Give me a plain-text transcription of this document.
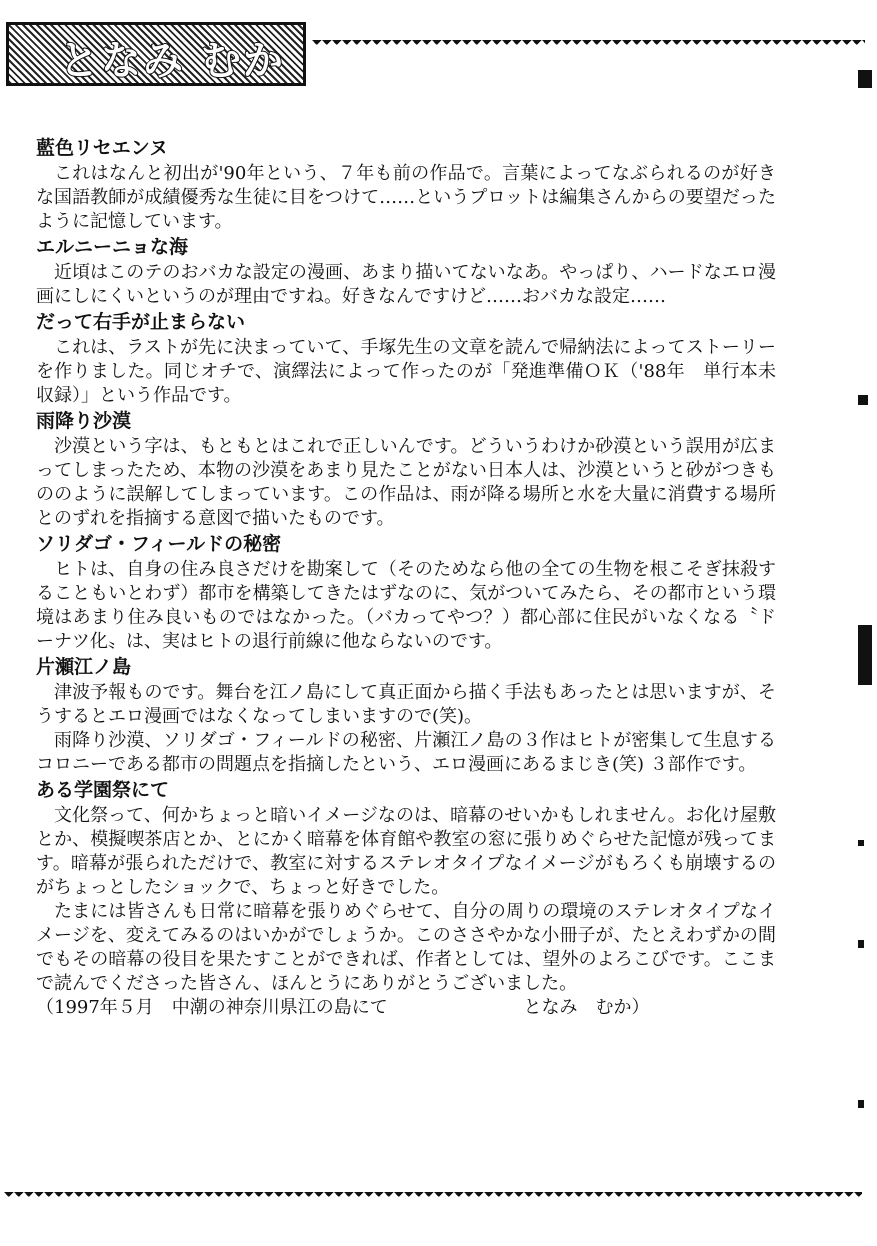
となみ むか

藍色リセエンヌ

これはなんと初出が'90年という、７年も前の作品で。言葉によってなぶられるのが好きな国語教師が成績優秀な生徒に目をつけて……というプロットは編集さんからの要望だったように記憶しています。

エルニーニョな海

近頃はこのテのおバカな設定の漫画、あまり描いてないなあ。やっぱり、ハードなエロ漫画にしにくいというのが理由ですね。好きなんですけど……おバカな設定……

だって右手が止まらない

これは、ラストが先に決まっていて、手塚先生の文章を読んで帰納法によってストーリーを作りました。同じオチで、演繹法によって作ったのが「発進準備ＯＫ（'88年　単行本未収録）」という作品です。

雨降り沙漠

沙漠という字は、もともとはこれで正しいんです。どういうわけか砂漠という誤用が広まってしまったため、本物の沙漠をあまり見たことがない日本人は、沙漠というと砂がつきもののように誤解してしまっています。この作品は、雨が降る場所と水を大量に消費する場所とのずれを指摘する意図で描いたものです。

ソリダゴ・フィールドの秘密

ヒトは、自身の住み良さだけを勘案して（そのためなら他の全ての生物を根こそぎ抹殺することもいとわず）都市を構築してきたはずなのに、気がついてみたら、その都市という環境はあまり住み良いものではなかった。（バカってやつ？）都心部に住民がいなくなる〝ドーナツ化〟は、実はヒトの退行前線に他ならないのです。

片瀬江ノ島

津波予報ものです。舞台を江ノ島にして真正面から描く手法もあったとは思いますが、そうするとエロ漫画ではなくなってしまいますので(笑)。

雨降り沙漠、ソリダゴ・フィールドの秘密、片瀬江ノ島の３作はヒトが密集して生息するコロニーである都市の問題点を指摘したという、エロ漫画にあるまじき(笑) ３部作です。

ある学園祭にて

文化祭って、何かちょっと暗いイメージなのは、暗幕のせいかもしれません。お化け屋敷とか、模擬喫茶店とか、とにかく暗幕を体育館や教室の窓に張りめぐらせた記憶が残ってます。暗幕が張られただけで、教室に対するステレオタイプなイメージがもろくも崩壊するのがちょっとしたショックで、ちょっと好きでした。

たまには皆さんも日常に暗幕を張りめぐらせて、自分の周りの環境のステレオタイプなイメージを、変えてみるのはいかがでしょうか。このささやかな小冊子が、たとえわずかの間でもその暗幕の役目を果たすことができれば、作者としては、望外のよろこびです。ここまで読んでくださった皆さん、ほんとうにありがとうございました。

（1997年５月　中潮の神奈川県江の島にて	となみ　むか）
